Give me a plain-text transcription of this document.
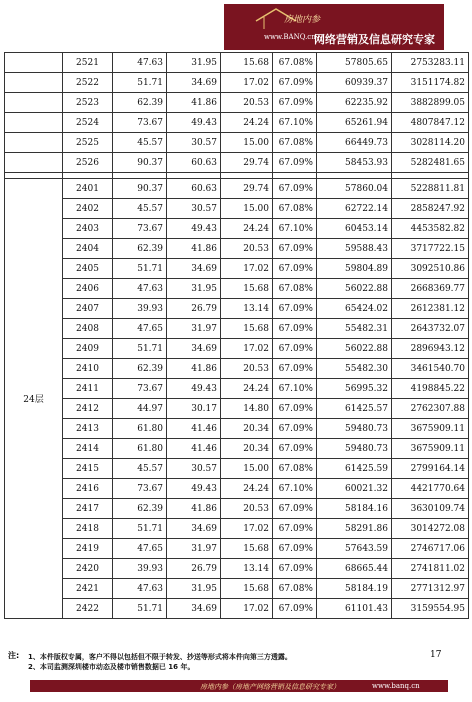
房地内参
www.BANQ.cn
网络营销及信息研究专家
	2521	47.63	31.95	15.68	67.08%	57805.65	2753283.11
	2522	51.71	34.69	17.02	67.09%	60939.37	3151174.82
	2523	62.39	41.86	20.53	67.09%	62235.92	3882899.05
	2524	73.67	49.43	24.24	67.10%	65261.94	4807847.12
	2525	45.57	30.57	15.00	67.08%	66449.73	3028114.20
	2526	90.37	60.63	29.74	67.09%	58453.93	5282481.65

24层	2401	90.37	60.63	29.74	67.09%	57860.04	5228811.81
	2402	45.57	30.57	15.00	67.08%	62722.14	2858247.92
	2403	73.67	49.43	24.24	67.10%	60453.14	4453582.82
	2404	62.39	41.86	20.53	67.09%	59588.43	3717722.15
	2405	51.71	34.69	17.02	67.09%	59804.89	3092510.86
	2406	47.63	31.95	15.68	67.08%	56022.88	2668369.77
	2407	39.93	26.79	13.14	67.09%	65424.02	2612381.12
	2408	47.65	31.97	15.68	67.09%	55482.31	2643732.07
	2409	51.71	34.69	17.02	67.09%	56022.88	2896943.12
	2410	62.39	41.86	20.53	67.09%	55482.30	3461540.70
	2411	73.67	49.43	24.24	67.10%	56995.32	4198845.22
	2412	44.97	30.17	14.80	67.09%	61425.57	2762307.88
	2413	61.80	41.46	20.34	67.09%	59480.73	3675909.11
	2414	61.80	41.46	20.34	67.09%	59480.73	3675909.11
	2415	45.57	30.57	15.00	67.08%	61425.59	2799164.14
	2416	73.67	49.43	24.24	67.10%	60021.32	4421770.64
	2417	62.39	41.86	20.53	67.09%	58184.16	3630109.74
	2418	51.71	34.69	17.02	67.09%	58291.86	3014272.08
	2419	47.65	31.97	15.68	67.09%	57643.59	2746717.06
	2420	39.93	26.79	13.14	67.09%	68665.44	2741811.02
	2421	47.63	31.95	15.68	67.08%	58184.19	2771312.97
	2422	51.71	34.69	17.02	67.09%	61101.43	3159554.95
注: 1、本件版权专属，客户不得以包括但不限于转发、抄送等形式将本件向第三方透露。
2、本司监测深圳楼市动态及楼市销售数据已 16 年。
17
房地内参（房地产网络营销及信息研究专家）	www.banq.cn
